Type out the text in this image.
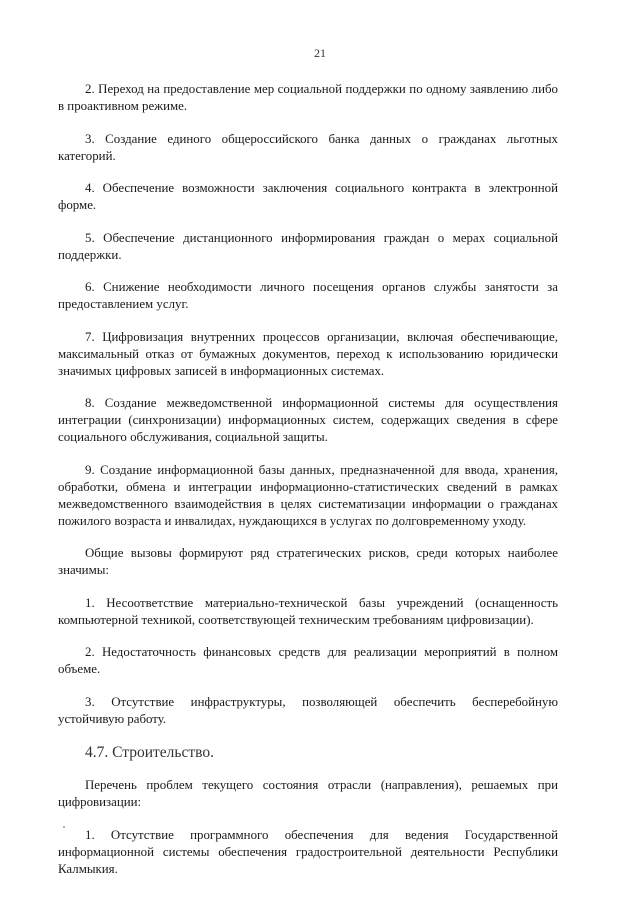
21

2. Переход на предоставление мер социальной поддержки по одному заявлению либо в проактивном режиме.

3. Создание единого общероссийского банка данных о гражданах льготных категорий.

4. Обеспечение возможности заключения социального контракта в электронной форме.

5. Обеспечение дистанционного информирования граждан о мерах социальной поддержки.

6. Снижение необходимости личного посещения органов службы занятости за предоставлением услуг.

7. Цифровизация внутренних процессов организации, включая обеспечивающие, максимальный отказ от бумажных документов, переход к использованию юридически значимых цифровых записей в информационных системах.

8. Создание межведомственной информационной системы для осуществления интеграции (синхронизации) информационных систем, содержащих сведения в сфере социального обслуживания, социальной защиты.

9. Создание информационной базы данных, предназначенной для ввода, хранения, обработки, обмена и интеграции информационно-статистических сведений в рамках межведомственного взаимодействия в целях систематизации информации о гражданах пожилого возраста и инвалидах, нуждающихся в услугах по долговременному уходу.

Общие вызовы формируют ряд стратегических рисков, среди которых наиболее значимы:

1. Несоответствие материально-технической базы учреждений (оснащенность компьютерной техникой, соответствующей техническим требованиям цифровизации).

2. Недостаточность финансовых средств для реализации мероприятий в полном объеме.

3. Отсутствие инфраструктуры, позволяющей обеспечить бесперебойную устойчивую работу.

4.7. Строительство.

Перечень проблем текущего состояния отрасли (направления), решаемых при цифровизации:

1. Отсутствие программного обеспечения для ведения Государственной информационной системы обеспечения градостроительной деятельности Республики Калмыкия.
